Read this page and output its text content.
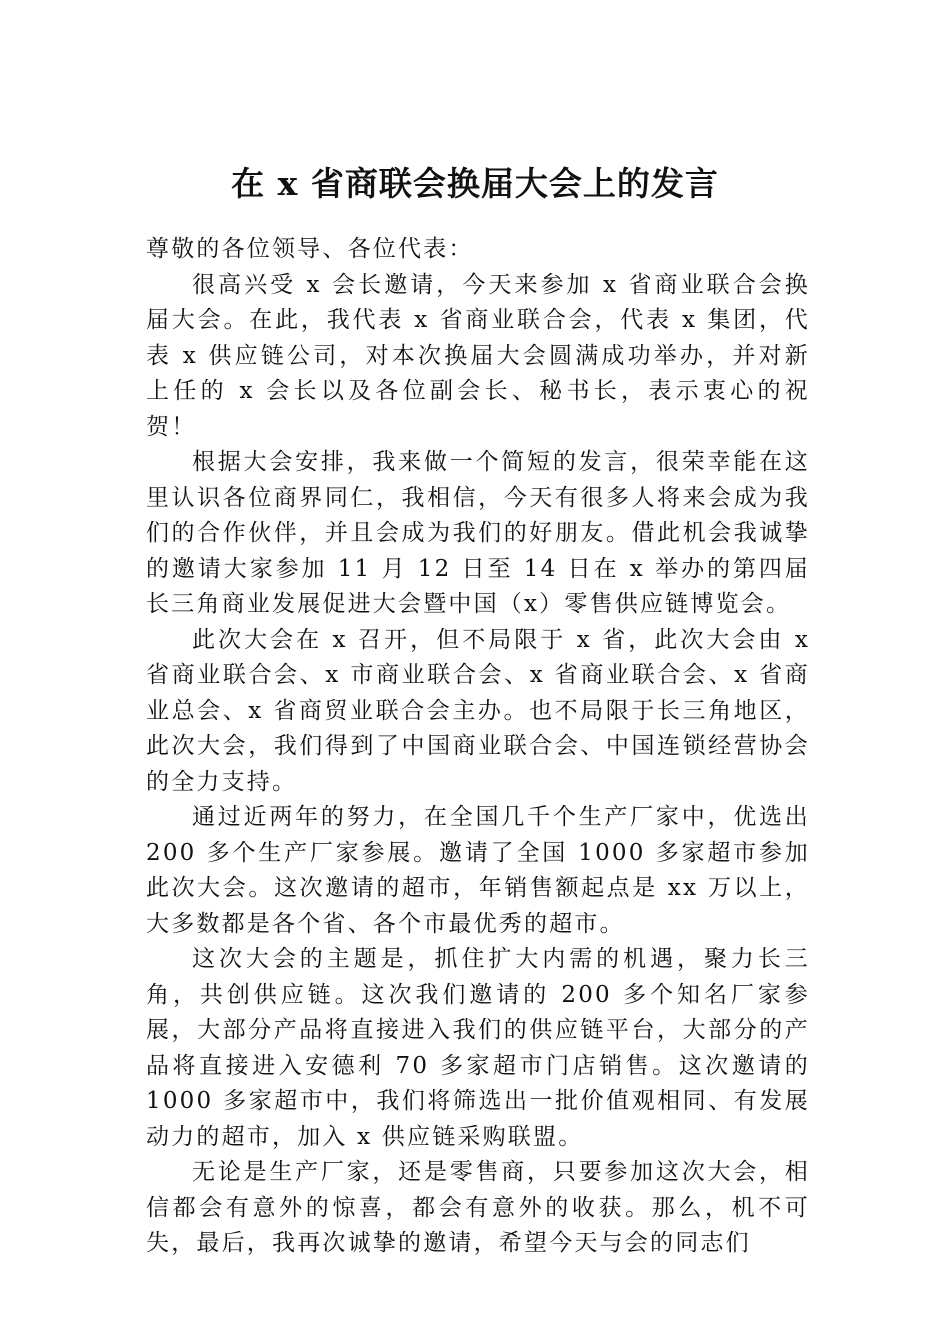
在 x 省商联会换届大会上的发言

尊敬的各位领导、各位代表：

很高兴受 x 会长邀请，今天来参加 x 省商业联合会换届大会。在此，我代表 x 省商业联合会，代表 x 集团，代表 x 供应链公司，对本次换届大会圆满成功举办，并对新上任的 x 会长以及各位副会长、秘书长，表示衷心的祝贺！

根据大会安排，我来做一个简短的发言，很荣幸能在这里认识各位商界同仁，我相信，今天有很多人将来会成为我们的合作伙伴，并且会成为我们的好朋友。借此机会我诚挚的邀请大家参加 11 月 12 日至 14 日在 x 举办的第四届长三角商业发展促进大会暨中国（x）零售供应链博览会。

此次大会在 x 召开，但不局限于 x 省，此次大会由 x 省商业联合会、x 市商业联合会、x 省商业联合会、x 省商业总会、x 省商贸业联合会主办。也不局限于长三角地区，此次大会，我们得到了中国商业联合会、中国连锁经营协会的全力支持。

通过近两年的努力，在全国几千个生产厂家中，优选出 200 多个生产厂家参展。邀请了全国 1000 多家超市参加此次大会。这次邀请的超市，年销售额起点是 xx 万以上，大多数都是各个省、各个市最优秀的超市。

这次大会的主题是，抓住扩大内需的机遇，聚力长三角，共创供应链。这次我们邀请的 200 多个知名厂家参展，大部分产品将直接进入我们的供应链平台，大部分的产品将直接进入安德利 70 多家超市门店销售。这次邀请的 1000 多家超市中，我们将筛选出一批价值观相同、有发展动力的超市，加入 x 供应链采购联盟。

无论是生产厂家，还是零售商，只要参加这次大会，相信都会有意外的惊喜，都会有意外的收获。那么，机不可失，最后，我再次诚挚的邀请，希望今天与会的同志们
